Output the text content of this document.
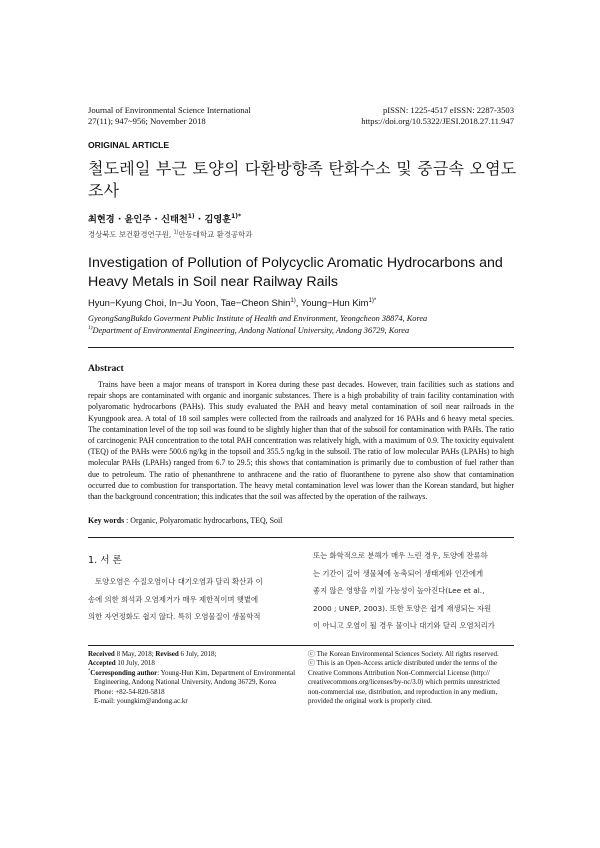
Journal of Environmental Science International
27(11); 947~956; November 2018
pISSN: 1225-4517 eISSN: 2287-3503
https://doi.org/10.5322/JESI.2018.27.11.947
ORIGINAL ARTICLE
철도레일 부근 토양의 다환방향족 탄화수소 및 중금속 오염도
조사
최현경 · 윤인주 · 신태천$^{1)}$ · 김영훈$^{1)*}$
경상북도 보건환경연구원, $^{1)}$안동대학교 환경공학과
Investigation of Pollution of Polycyclic Aromatic Hydrocarbons and
Heavy Metals in Soil near Railway Rails
Hyun−Kyung Choi, In−Ju Yoon, Tae−Cheon Shin$^{1)}$, Young−Hun Kim$^{1)*}$
GyeongSangBukdo Goverment Public Institute of Health and Environment, Yeongcheon 38874, Korea
$^{1)}$Department of Environmental Engineering, Andong National University, Andong 36729, Korea
Abstract
Trains have been a major means of transport in Korea during these past decades. However, train facilities such as stations and repair shops are contaminated with organic and inorganic substances. There is a high probability of train facility contamination with polyaromatic hydrocarbons (PAHs). This study evaluated the PAH and heavy metal contamination of soil near railroads in the Kyungpook area. A total of 18 soil samples were collected from the railroads and analyzed for 16 PAHs and 6 heavy metal species. The contamination level of the top soil was found to be slightly higher than that of the subsoil for contamination with PAHs. The ratio of carcinogenic PAH concentration to the total PAH concentration was relatively high, with a maximum of 0.9. The toxicity equivalent (TEQ) of the PAHs were 500.6 ng/kg in the topsoil and 355.5 ng/kg in the subsoil. The ratio of low molecular PAHs (LPAHs) to high molecular PAHs (LPAHs) ranged from 6.7 to 29.5; this shows that contamination is primarily due to combustion of fuel rather than due to petroleum. The ratio of phenanthrene to anthracene and the ratio of fluoranthene to pyrene also show that contamination occurred due to combustion for transportation. The heavy metal contamination level was lower than the Korean standard, but higher than the background concentration; this indicates that the soil was affected by the operation of the railways.
Key words : Organic, Polyaromatic hydrocarbons, TEQ, Soil
1. 서 론
토양오염은 수질오염이나 대기오염과 달리 확산과 이
송에 의한 희석과 오염제거가 매우 제한적이며 햇볕에
의한 자연정화도 쉽지 않다. 특히 오염물질이 생물학적
또는 화학적으로 분해가 매우 느린 경우, 토양에 잔류하
는 기간이 길어 생물체에 농축되어 생태계와 인간에게
좋지 않은 영향을 끼칠 가능성이 높아진다(Lee et al.,
2000 ; UNEP, 2003). 또한 토양은 쉽게 재생되는 자원
이 아니고 오염이 될 경우 물이나 대기와 달리 오염처리가
Received 8 May, 2018; Revised 6 July, 2018;
Accepted 10 July, 2018
*Corresponding author: Young-Hun Kim, Department of Environmental
Engineering, Andong National University, Andong 36729, Korea
Phone: +82-54-820-5818
E-mail: youngkim@andong.ac.kr
ⓒ The Korean Environmental Sciences Society. All rights reserved.
ⓒ This is an Open-Access article distributed under the terms of the
Creative Commons Attribution Non-Commercial License (http://
creativecommons.org/licenses/by-nc/3.0) which permits unrestricted
non-commercial use, distribution, and reproduction in any medium,
provided the original work is properly cited.
